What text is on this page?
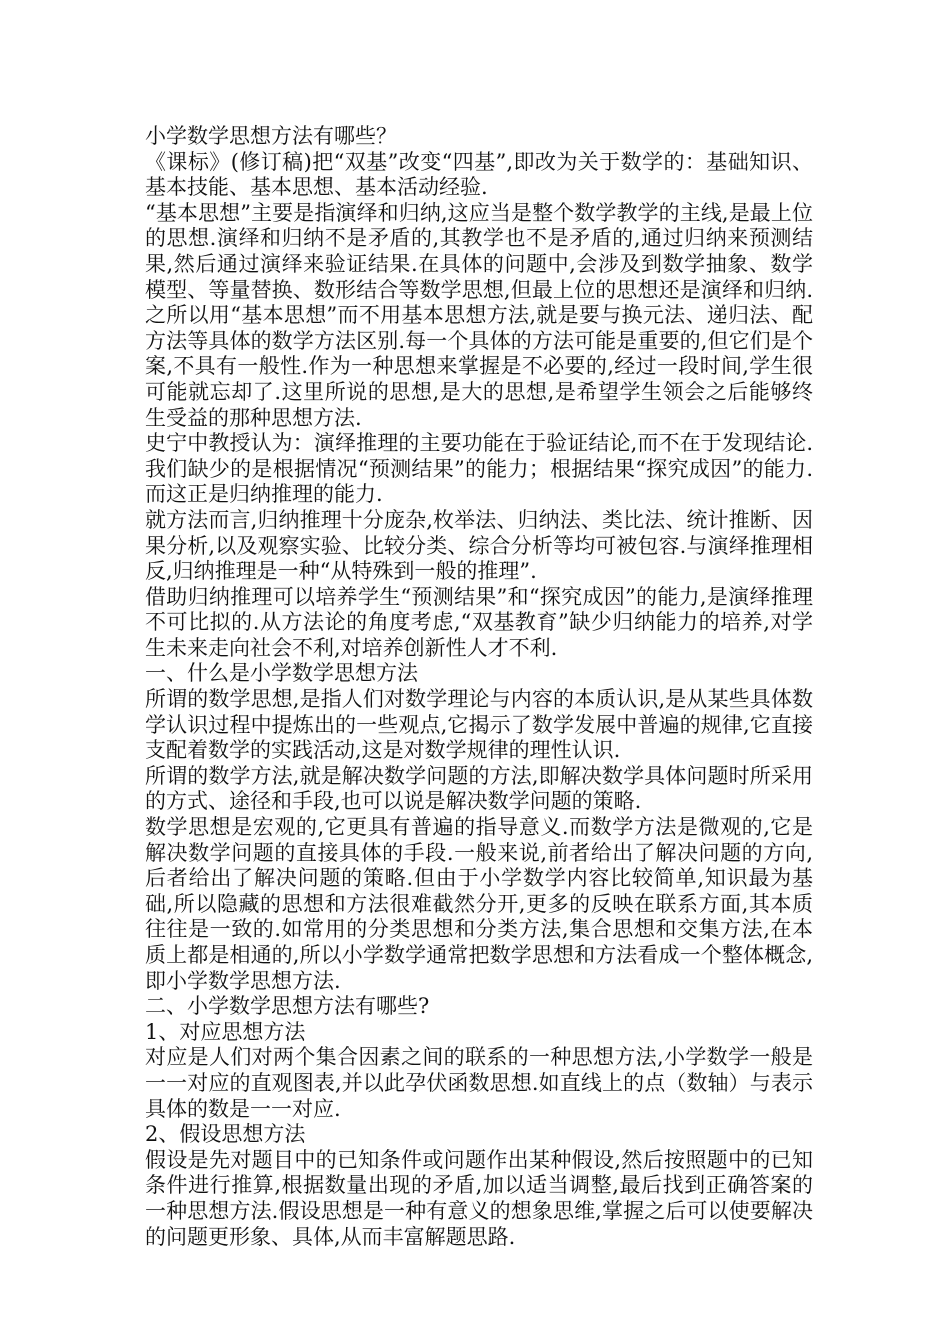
小学数学思想方法有哪些？

《课标》(修订稿)把“双基”改变“四基”,即改为关于数学的：基础知识、基本技能、基本思想、基本活动经验.

“基本思想”主要是指演绎和归纳,这应当是整个数学教学的主线,是最上位的思想.演绎和归纳不是矛盾的,其教学也不是矛盾的,通过归纳来预测结果,然后通过演绎来验证结果.在具体的问题中,会涉及到数学抽象、数学模型、等量替换、数形结合等数学思想,但最上位的思想还是演绎和归纳.之所以用“基本思想”而不用基本思想方法,就是要与换元法、递归法、配方法等具体的数学方法区别.每一个具体的方法可能是重要的,但它们是个案,不具有一般性.作为一种思想来掌握是不必要的,经过一段时间,学生很可能就忘却了.这里所说的思想,是大的思想,是希望学生领会之后能够终生受益的那种思想方法.

史宁中教授认为：演绎推理的主要功能在于验证结论,而不在于发现结论.我们缺少的是根据情况“预测结果”的能力；根据结果“探究成因”的能力.而这正是归纳推理的能力.

就方法而言,归纳推理十分庞杂,枚举法、归纳法、类比法、统计推断、因果分析,以及观察实验、比较分类、综合分析等均可被包容.与演绎推理相反,归纳推理是一种“从特殊到一般的推理”.

借助归纳推理可以培养学生“预测结果”和“探究成因”的能力,是演绎推理不可比拟的.从方法论的角度考虑,“双基教育”缺少归纳能力的培养,对学生未来走向社会不利,对培养创新性人才不利.

一、什么是小学数学思想方法

所谓的数学思想,是指人们对数学理论与内容的本质认识,是从某些具体数学认识过程中提炼出的一些观点,它揭示了数学发展中普遍的规律,它直接支配着数学的实践活动,这是对数学规律的理性认识.

所谓的数学方法,就是解决数学问题的方法,即解决数学具体问题时所采用的方式、途径和手段,也可以说是解决数学问题的策略.

数学思想是宏观的,它更具有普遍的指导意义.而数学方法是微观的,它是解决数学问题的直接具体的手段.一般来说,前者给出了解决问题的方向,后者给出了解决问题的策略.但由于小学数学内容比较简单,知识最为基础,所以隐藏的思想和方法很难截然分开,更多的反映在联系方面,其本质往往是一致的.如常用的分类思想和分类方法,集合思想和交集方法,在本质上都是相通的,所以小学数学通常把数学思想和方法看成一个整体概念,即小学数学思想方法.

二、小学数学思想方法有哪些?

1、对应思想方法

对应是人们对两个集合因素之间的联系的一种思想方法,小学数学一般是一一对应的直观图表,并以此孕伏函数思想.如直线上的点（数轴）与表示具体的数是一一对应.

2、假设思想方法

假设是先对题目中的已知条件或问题作出某种假设,然后按照题中的已知条件进行推算,根据数量出现的矛盾,加以适当调整,最后找到正确答案的一种思想方法.假设思想是一种有意义的想象思维,掌握之后可以使要解决的问题更形象、具体,从而丰富解题思路.
